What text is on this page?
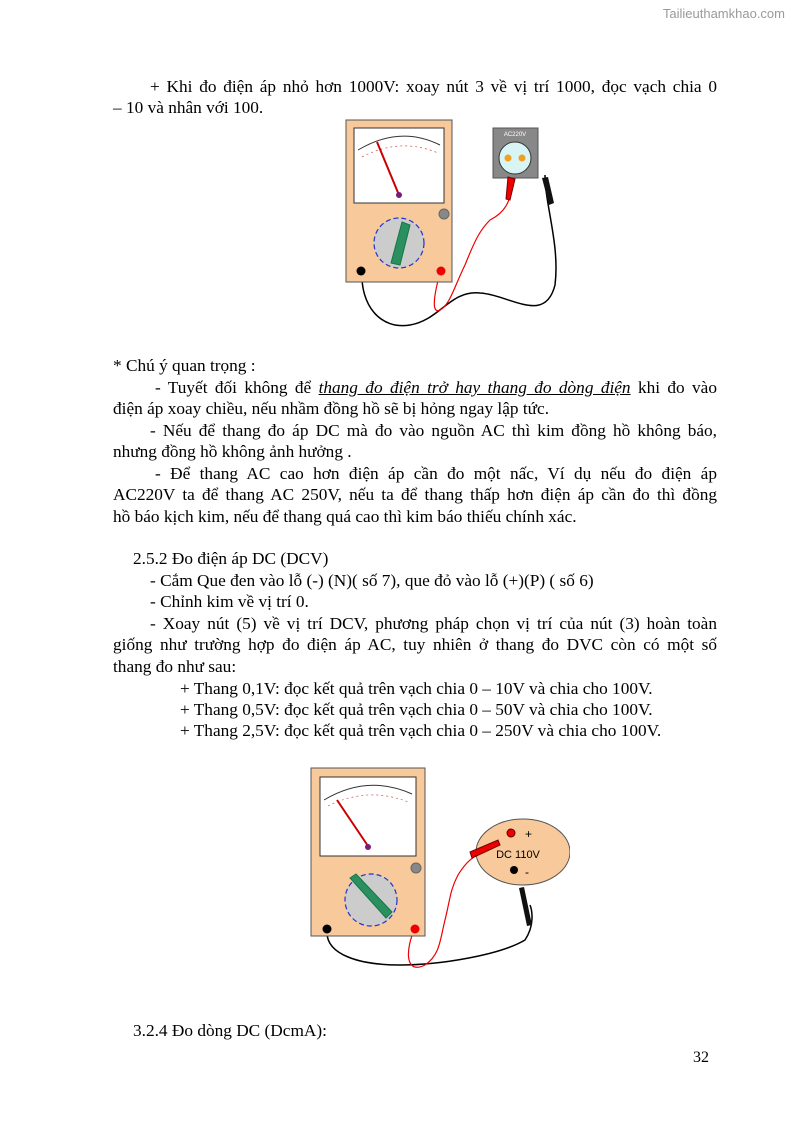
Tailieuthamkhao.com
+ Khi đo điện áp nhỏ hơn 1000V: xoay nút 3 về vị trí 1000, đọc vạch chia 0
– 10 và nhân với 100.
AC220V
* Chú ý quan trọng :
- Tuyết đối không để thang đo điện trở hay thang đo dòng điện khi đo vào
điện áp xoay chiều, nếu nhầm đồng hồ sẽ bị hỏng ngay lập tức.
- Nếu để thang đo áp DC mà đo vào nguồn AC thì kim đồng hồ không báo,
nhưng đồng hồ không ảnh hưởng .
- Để thang AC cao hơn điện áp cần đo một nấc, Ví dụ nếu đo điện áp
AC220V ta để thang AC 250V, nếu ta để thang thấp hơn điện áp cần đo thì đồng
hồ báo kịch kim, nếu để thang quá cao thì kim báo thiếu chính xác.
2.5.2 Đo điện áp DC (DCV)
- Cắm Que đen vào lỗ (-) (N)( số 7), que đỏ vào lỗ (+)(P) ( số 6)
- Chỉnh kim về vị trí 0.
- Xoay nút (5) về vị trí DCV, phương pháp chọn vị trí của nút (3) hoàn toàn
giống như trường hợp đo điện áp AC, tuy nhiên ở thang đo DVC còn có một số
thang đo như sau:
+ Thang 0,1V: đọc kết quả trên vạch chia 0 – 10V và chia cho 100V.
+ Thang 0,5V: đọc kết quả trên vạch chia 0 – 50V và chia cho 100V.
+ Thang 2,5V: đọc kết quả trên vạch chia 0 – 250V và chia cho 100V.
+
DC 110V
-
3.2.4 Đo dòng DC (DcmA):
32
